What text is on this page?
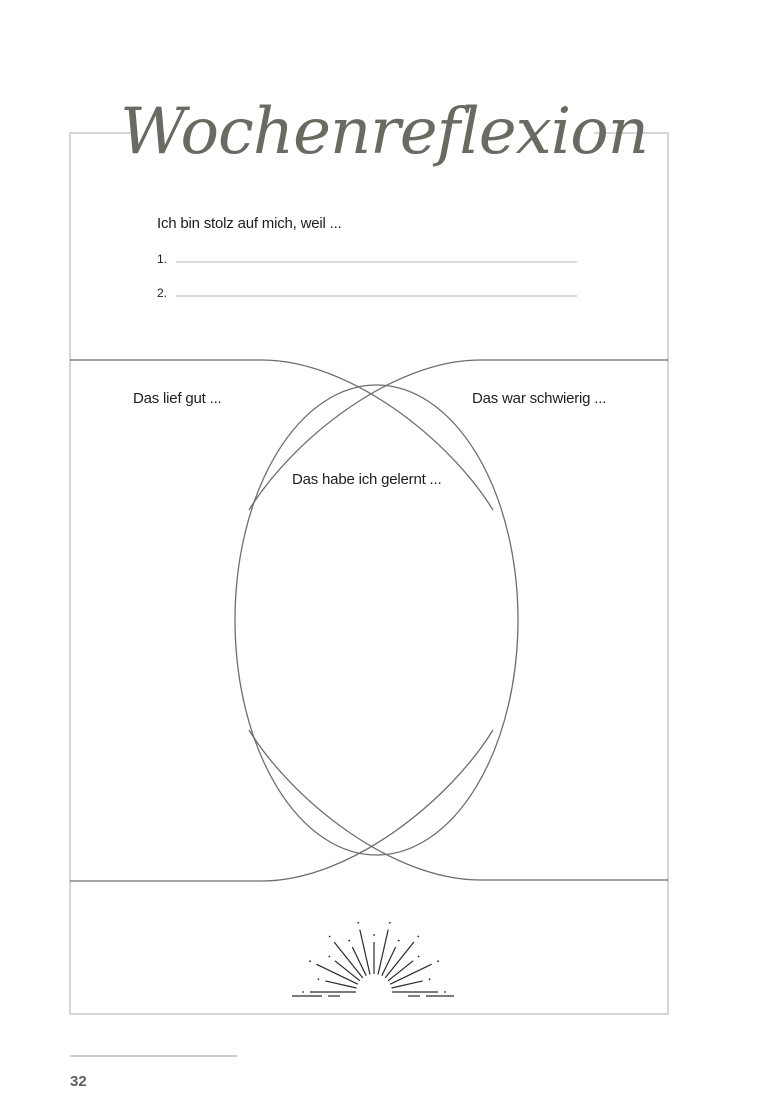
Wochenreflexion
Ich bin stolz auf mich, weil ...
1.
2.
Das lief gut ...	Das war schwierig ...
Das habe ich gelernt ...
32
